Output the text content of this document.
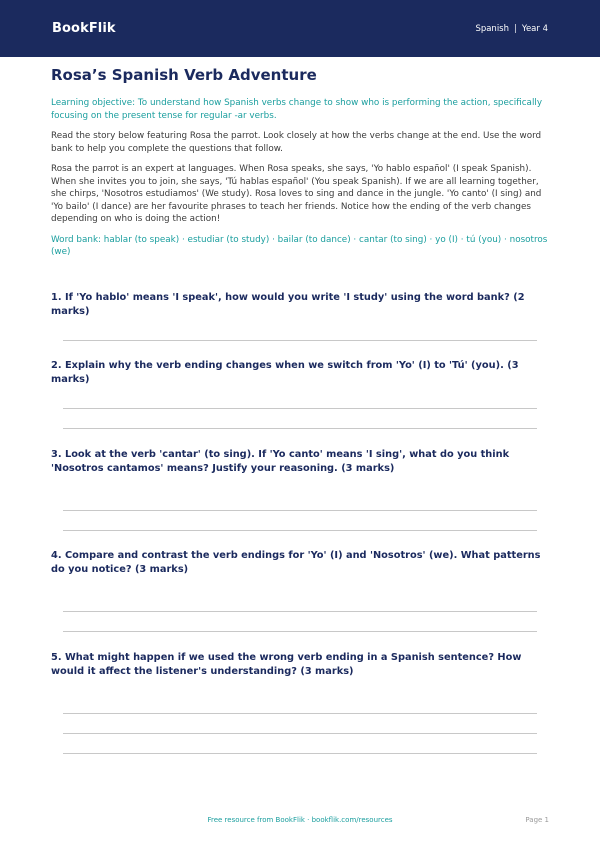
BookFlik	Spanish | Year 4
Rosa’s Spanish Verb Adventure
Learning objective: To understand how Spanish verbs change to show who is performing the action, specifically focusing on the present tense for regular -ar verbs.
Read the story below featuring Rosa the parrot. Look closely at how the verbs change at the end. Use the word bank to help you complete the questions that follow.
Rosa the parrot is an expert at languages. When Rosa speaks, she says, 'Yo hablo español' (I speak Spanish). When she invites you to join, she says, 'Tú hablas español' (You speak Spanish). If we are all learning together, she chirps, 'Nosotros estudiamos' (We study). Rosa loves to sing and dance in the jungle. 'Yo canto' (I sing) and 'Yo bailo' (I dance) are her favourite phrases to teach her friends. Notice how the ending of the verb changes depending on who is doing the action!
Word bank: hablar (to speak) · estudiar (to study) · bailar (to dance) · cantar (to sing) · yo (I) · tú (you) · nosotros (we)
1. If 'Yo hablo' means 'I speak', how would you write 'I study' using the word bank? (2 marks)
2. Explain why the verb ending changes when we switch from 'Yo' (I) to 'Tú' (you). (3 marks)
3. Look at the verb 'cantar' (to sing). If 'Yo canto' means 'I sing', what do you think 'Nosotros cantamos' means? Justify your reasoning. (3 marks)
4. Compare and contrast the verb endings for 'Yo' (I) and 'Nosotros' (we). What patterns do you notice? (3 marks)
5. What might happen if we used the wrong verb ending in a Spanish sentence? How would it affect the listener's understanding? (3 marks)
Free resource from BookFlik · bookflik.com/resources	Page 1
